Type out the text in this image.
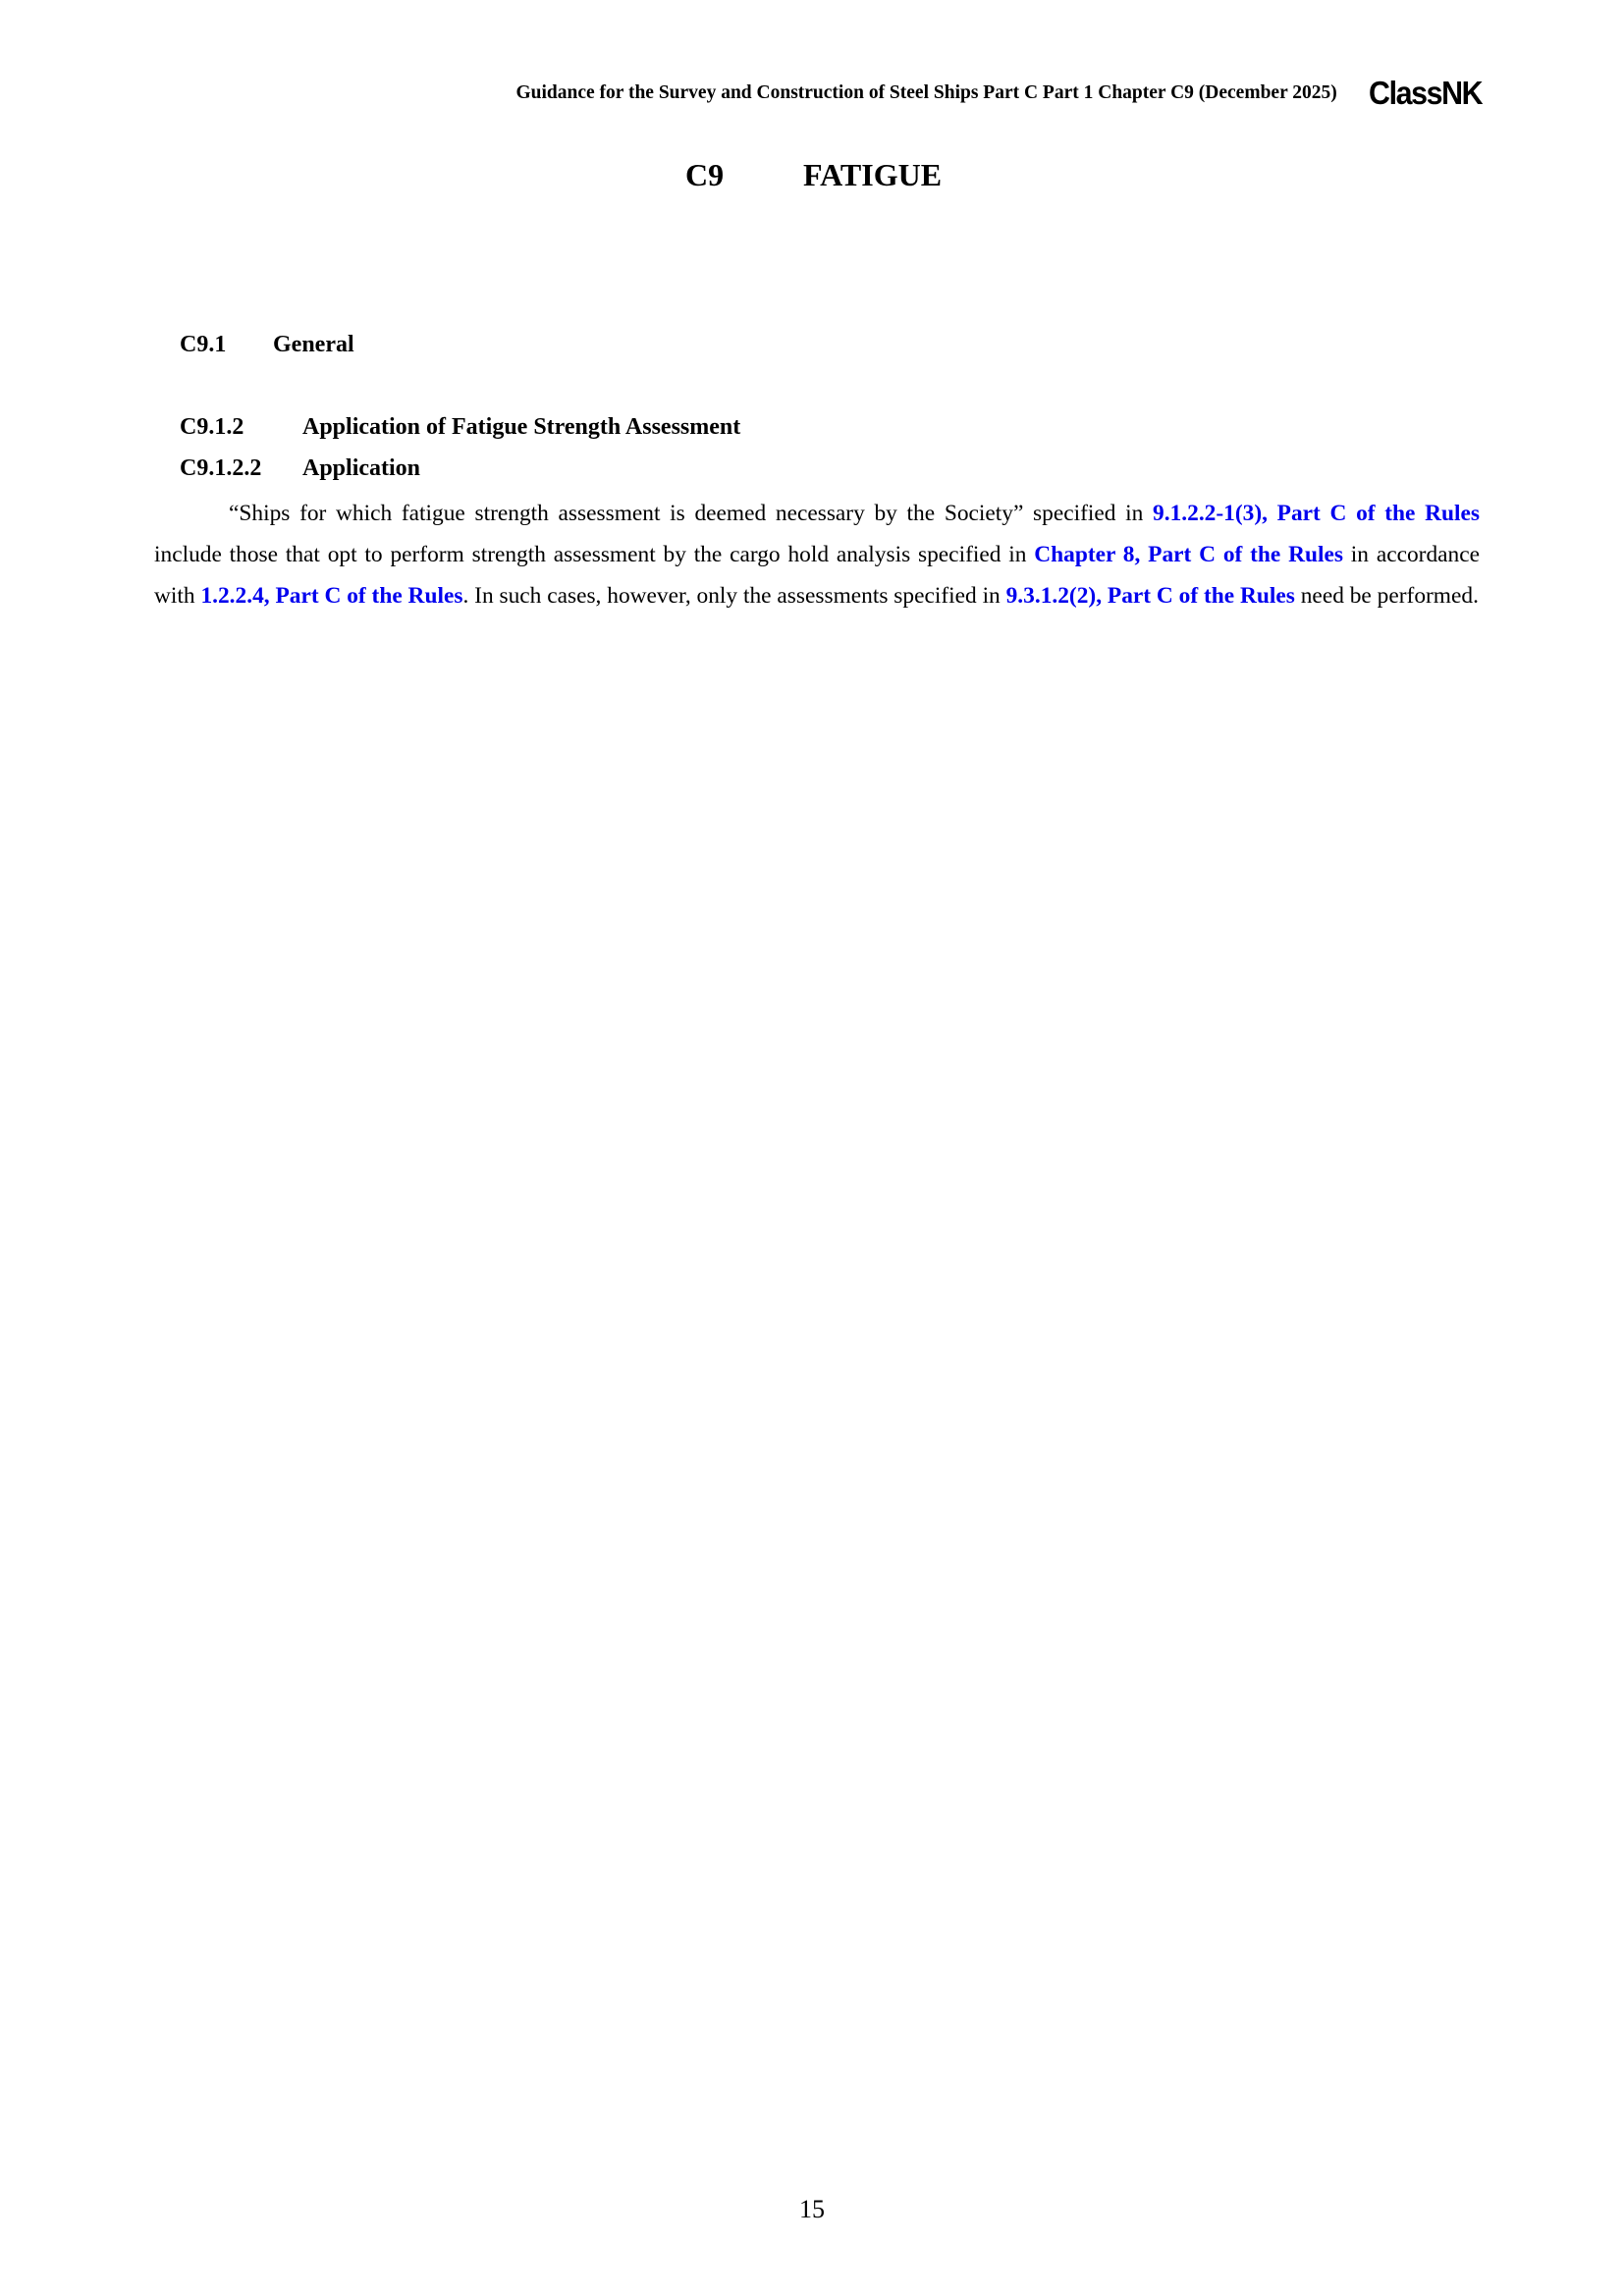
Guidance for the Survey and Construction of Steel Ships Part C Part 1 Chapter C9 (December 2025) ClassNK
C9	FATIGUE
C9.1 General
C9.1.2 Application of Fatigue Strength Assessment
C9.1.2.2 Application

“Ships for which fatigue strength assessment is deemed necessary by the Society” specified in 9.1.2.2-1(3), Part C of the Rules include those that opt to perform strength assessment by the cargo hold analysis specified in Chapter 8, Part C of the Rules in accordance with 1.2.2.4, Part C of the Rules. In such cases, however, only the assessments specified in 9.3.1.2(2), Part C of the Rules need be performed.

15
